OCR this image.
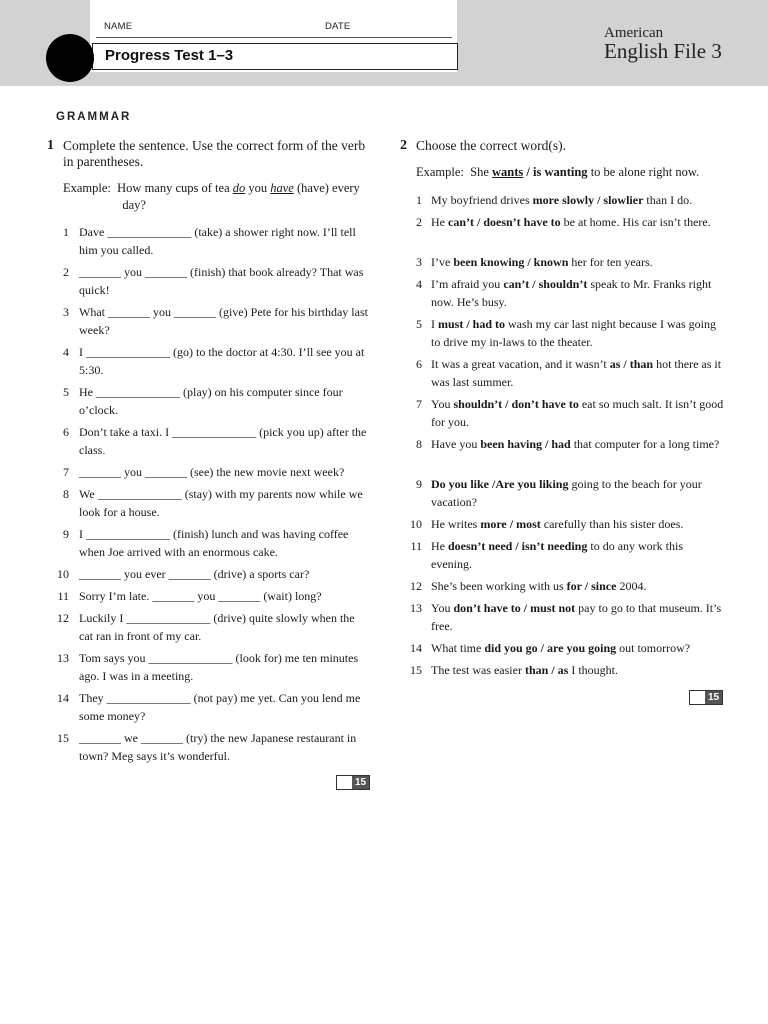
NAME	DATE
Progress Test 1–3
American
English File 3
GRAMMAR
1 Complete the sentence. Use the correct form of the verb in parentheses.
Example:  How many cups of tea do you have (have) every
day?
1 Dave ______________ (take) a shower right now. I’ll tell him you called.
2 _______ you _______ (finish) that book already? That was quick!
3 What _______ you _______ (give) Pete for his birthday last week?
4 I ______________ (go) to the doctor at 4:30. I’ll see you at 5:30.
5 He ______________ (play) on his computer since four o’clock.
6 Don’t take a taxi. I ______________ (pick you up) after the class.
7 _______ you _______ (see) the new movie next week?
8 We ______________ (stay) with my parents now while we look for a house.
9 I ______________ (finish) lunch and was having coffee when Joe arrived with an enormous cake.
10 _______ you ever _______ (drive) a sports car?
11 Sorry I’m late. _______ you _______ (wait) long?
12 Luckily I ______________ (drive) quite slowly when the cat ran in front of my car.
13 Tom says you ______________ (look for) me ten minutes ago. I was in a meeting.
14 They ______________ (not pay) me yet. Can you lend me some money?
15 _______ we _______ (try) the new Japanese restaurant in town? Meg says it’s wonderful.
15
2 Choose the correct word(s).
Example:  She wants / is wanting to be alone right now.
1 My boyfriend drives more slowly / slowlier than I do.
2 He can’t / doesn’t have to be at home. His car isn’t there.
3 I’ve been knowing / known her for ten years.
4 I’m afraid you can’t / shouldn’t speak to Mr. Franks right now. He’s busy.
5 I must / had to wash my car last night because I was going to drive my in-laws to the theater.
6 It was a great vacation, and it wasn’t as / than hot there as it was last summer.
7 You shouldn’t / don’t have to eat so much salt. It isn’t good for you.
8 Have you been having / had that computer for a long time?
9 Do you like /Are you liking going to the beach for your vacation?
10 He writes more / most carefully than his sister does.
11 He doesn’t need / isn’t needing to do any work this evening.
12 She’s been working with us for / since 2004.
13 You don’t have to / must not pay to go to that museum. It’s free.
14 What time did you go / are you going out tomorrow?
15 The test was easier than / as I thought.
15
